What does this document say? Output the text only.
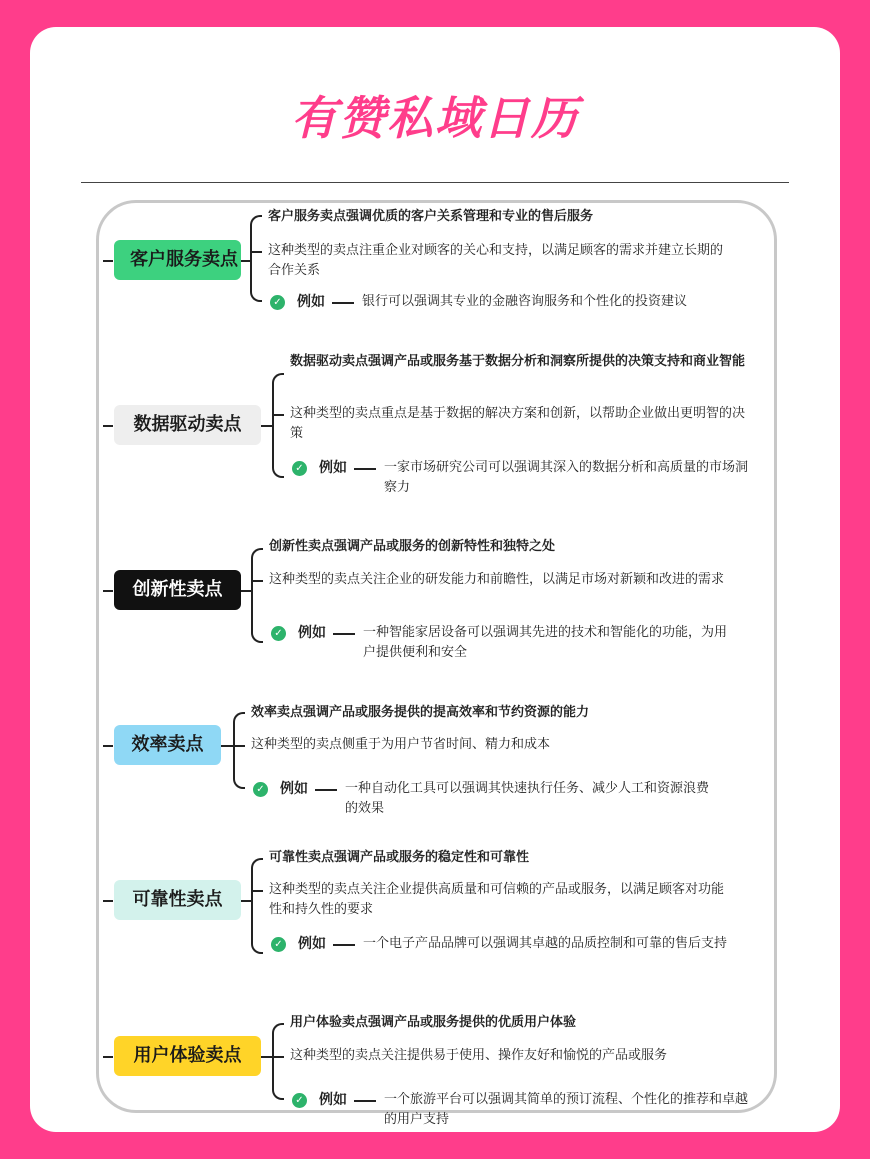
有赞私域日历
客户服务卖点
客户服务卖点强调优质的客户关系管理和专业的售后服务
这种类型的卖点注重企业对顾客的关心和支持，以满足顾客的需求并建立长期的合作关系
✓ 例如	银行可以强调其专业的金融咨询服务和个性化的投资建议
数据驱动卖点
数据驱动卖点强调产品或服务基于数据分析和洞察所提供的决策支持和商业智能
这种类型的卖点重点是基于数据的解决方案和创新，以帮助企业做出更明智的决策
✓ 例如	一家市场研究公司可以强调其深入的数据分析和高质量的市场洞察力
创新性卖点
创新性卖点强调产品或服务的创新特性和独特之处
这种类型的卖点关注企业的研发能力和前瞻性，以满足市场对新颖和改进的需求
✓ 例如	一种智能家居设备可以强调其先进的技术和智能化的功能，为用户提供便利和安全
效率卖点
效率卖点强调产品或服务提供的提高效率和节约资源的能力
这种类型的卖点侧重于为用户节省时间、精力和成本
✓ 例如	一种自动化工具可以强调其快速执行任务、减少人工和资源浪费的效果
可靠性卖点
可靠性卖点强调产品或服务的稳定性和可靠性
这种类型的卖点关注企业提供高质量和可信赖的产品或服务，以满足顾客对功能性和持久性的要求
✓ 例如	一个电子产品品牌可以强调其卓越的品质控制和可靠的售后支持
用户体验卖点
用户体验卖点强调产品或服务提供的优质用户体验
这种类型的卖点关注提供易于使用、操作友好和愉悦的产品或服务
✓ 例如	一个旅游平台可以强调其简单的预订流程、个性化的推荐和卓越的用户支持
